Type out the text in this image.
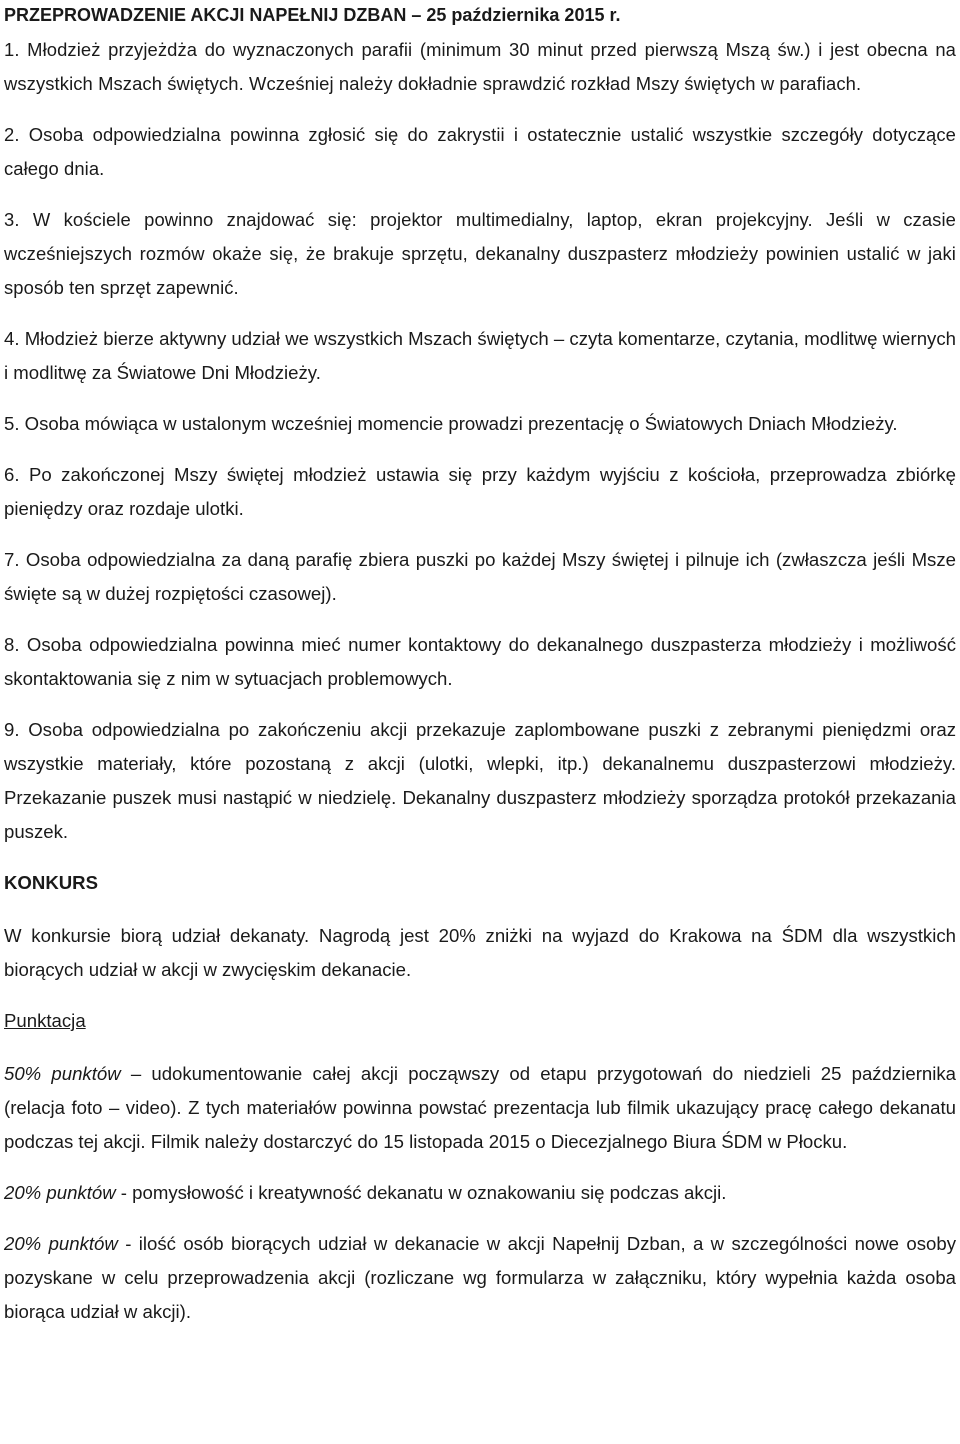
PRZEPROWADZENIE AKCJI NAPEŁNIJ DZBAN – 25 października 2015 r.

1. Młodzież przyjeżdża do wyznaczonych parafii (minimum 30 minut przed pierwszą Mszą św.) i jest obecna na wszystkich Mszach świętych. Wcześniej należy dokładnie sprawdzić rozkład Mszy świętych w parafiach.

2. Osoba odpowiedzialna powinna zgłosić się do zakrystii i ostatecznie ustalić wszystkie szczegóły dotyczące całego dnia.

3. W kościele powinno znajdować się: projektor multimedialny, laptop, ekran projekcyjny. Jeśli w czasie wcześniejszych rozmów okaże się, że brakuje sprzętu, dekanalny duszpasterz młodzieży powinien ustalić w jaki sposób ten sprzęt zapewnić.

4. Młodzież bierze aktywny udział we wszystkich Mszach świętych – czyta komentarze, czytania, modlitwę wiernych i modlitwę za Światowe Dni Młodzieży.

5. Osoba mówiąca w ustalonym wcześniej momencie prowadzi prezentację o Światowych Dniach Młodzieży.

6. Po zakończonej Mszy świętej młodzież ustawia się przy każdym wyjściu z kościoła, przeprowadza zbiórkę pieniędzy oraz rozdaje ulotki.

7. Osoba odpowiedzialna za daną parafię zbiera puszki po każdej Mszy świętej i pilnuje ich (zwłaszcza jeśli Msze święte są w dużej rozpiętości czasowej).

8. Osoba odpowiedzialna powinna mieć numer kontaktowy do dekanalnego duszpasterza młodzieży i możliwość skontaktowania się z nim w sytuacjach problemowych.

9. Osoba odpowiedzialna po zakończeniu akcji przekazuje zaplombowane puszki z zebranymi pieniędzmi oraz wszystkie materiały, które pozostaną z akcji (ulotki, wlepki, itp.) dekanalnemu duszpasterzowi młodzieży. Przekazanie puszek musi nastąpić w niedzielę. Dekanalny duszpasterz młodzieży sporządza protokół przekazania puszek.

KONKURS

W konkursie biorą udział dekanaty. Nagrodą jest 20% zniżki na wyjazd do Krakowa na ŚDM dla wszystkich biorących udział w akcji w zwycięskim dekanacie.

Punktacja

50% punktów – udokumentowanie całej akcji począwszy od etapu przygotowań do niedzieli 25 października (relacja foto – video). Z tych materiałów powinna powstać prezentacja lub filmik ukazujący pracę całego dekanatu podczas tej akcji. Filmik należy dostarczyć do 15 listopada 2015 o Diecezjalnego Biura ŚDM w Płocku.

20% punktów - pomysłowość i kreatywność dekanatu w oznakowaniu się podczas akcji.

20% punktów - ilość osób biorących udział w dekanacie w akcji Napełnij Dzban, a w szczególności nowe osoby pozyskane w celu przeprowadzenia akcji (rozliczane wg formularza w załączniku, który wypełnia każda osoba biorąca udział w akcji).
